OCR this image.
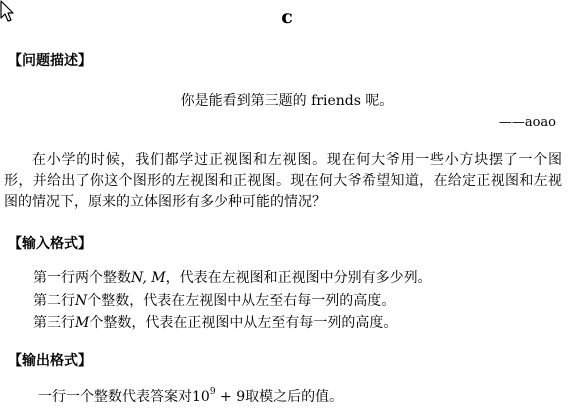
c
【问题描述】
你是能看到第三题的 friends 呢。
——aoao
在小学的时候，我们都学过正视图和左视图。现在何大爷用一些小方块摆了一个图形，并给出了你这个图形的左视图和正视图。现在何大爷希望知道，在给定正视图和左视图的情况下，原来的立体图形有多少种可能的情况？
【输入格式】
第一行两个整数N, M，代表在左视图和正视图中分别有多少列。
第二行N个整数，代表在左视图中从左至右每一列的高度。
第三行M个整数，代表在正视图中从左至有每一列的高度。
【输出格式】
一行一个整数代表答案对$10^9 + 9$取模之后的值。
